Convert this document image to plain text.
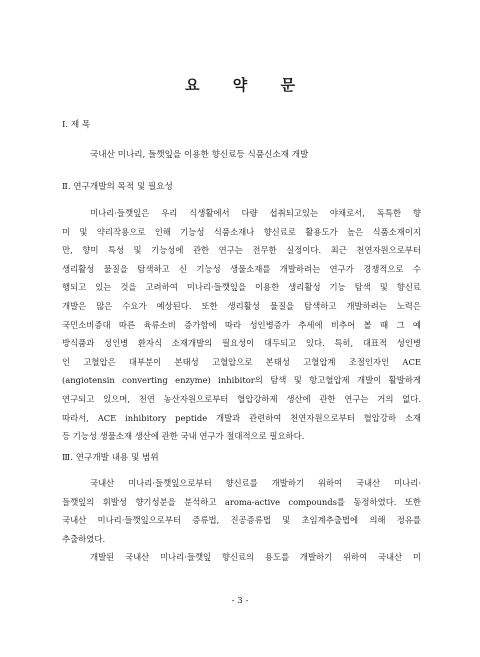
요 약 문
Ⅰ. 제 목
국내산 미나리, 들깻잎을 이용한 향신료등 식품신소재 개발
Ⅱ. 연구개발의 목적 및 필요성
미나리·들깻잎은 우리 식생활에서 다량 섭취되고있는 야채로서, 독특한 향
미 및 약리작용으로 인해 기능성 식품소재나 향신료로 활용도가 높은 식품소재이지
만, 향미 특성 및 기능성에 관한 연구는 전무한 실정이다. 최근 천연자원으로부터
생리활성 물질을 탐색하고 신 기능성 생물소재를 개발하려는 연구가 경쟁적으로 수
행되고 있는 것을 고려하여 미나리·들깻잎을 이용한 생리활성 기능 탐색 및 향신료
개발은 많은 수요가 예상된다. 또한 생리활성 물질을 탐색하고 개발하려는 노력은
국민소비증대 따른 육류소비 증가함에 따라 성인병증가 추세에 비추어 볼 때 그 예
방식품과 성인병 환자식 소재개발의 필요성이 대두되고 있다. 특히, 대표적 성인병
인 고혈압은 대부분이 본태성 고혈압으로 본태성 고혈압계 조절인자인 ACE
(angiotensin converting enzyme) inhibitor의 탐색 및 항고혈압제 개발이 활발하게
연구되고 있으며, 천연 농산자원으로부터 혈압강하제 생산에 관한 연구는 거의 없다.
따라서, ACE inhibitory peptide 개발과 관련하여 천연자원으로부터 혈압강하 소재
등 기능성 생물소재 생산에 관한 국내 연구가 절대적으로 필요하다.
Ⅲ. 연구개발 내용 및 범위
국내산 미나리·들깻잎으로부터 향신료를 개발하기 위하여 국내산 미나리·
들깻잎의 휘발성 향기성분을 분석하고 aroma-active compounds를 동정하였다. 또한
국내산 미나리·들깻잎으로부터 증류법, 진공증류법 및 초임계추출법에 의해 정유를
추출하였다.
개발된 국내산 미나리·들깻잎 향신료의 용도를 개발하기 위하여 국내산 미
- 3 -
